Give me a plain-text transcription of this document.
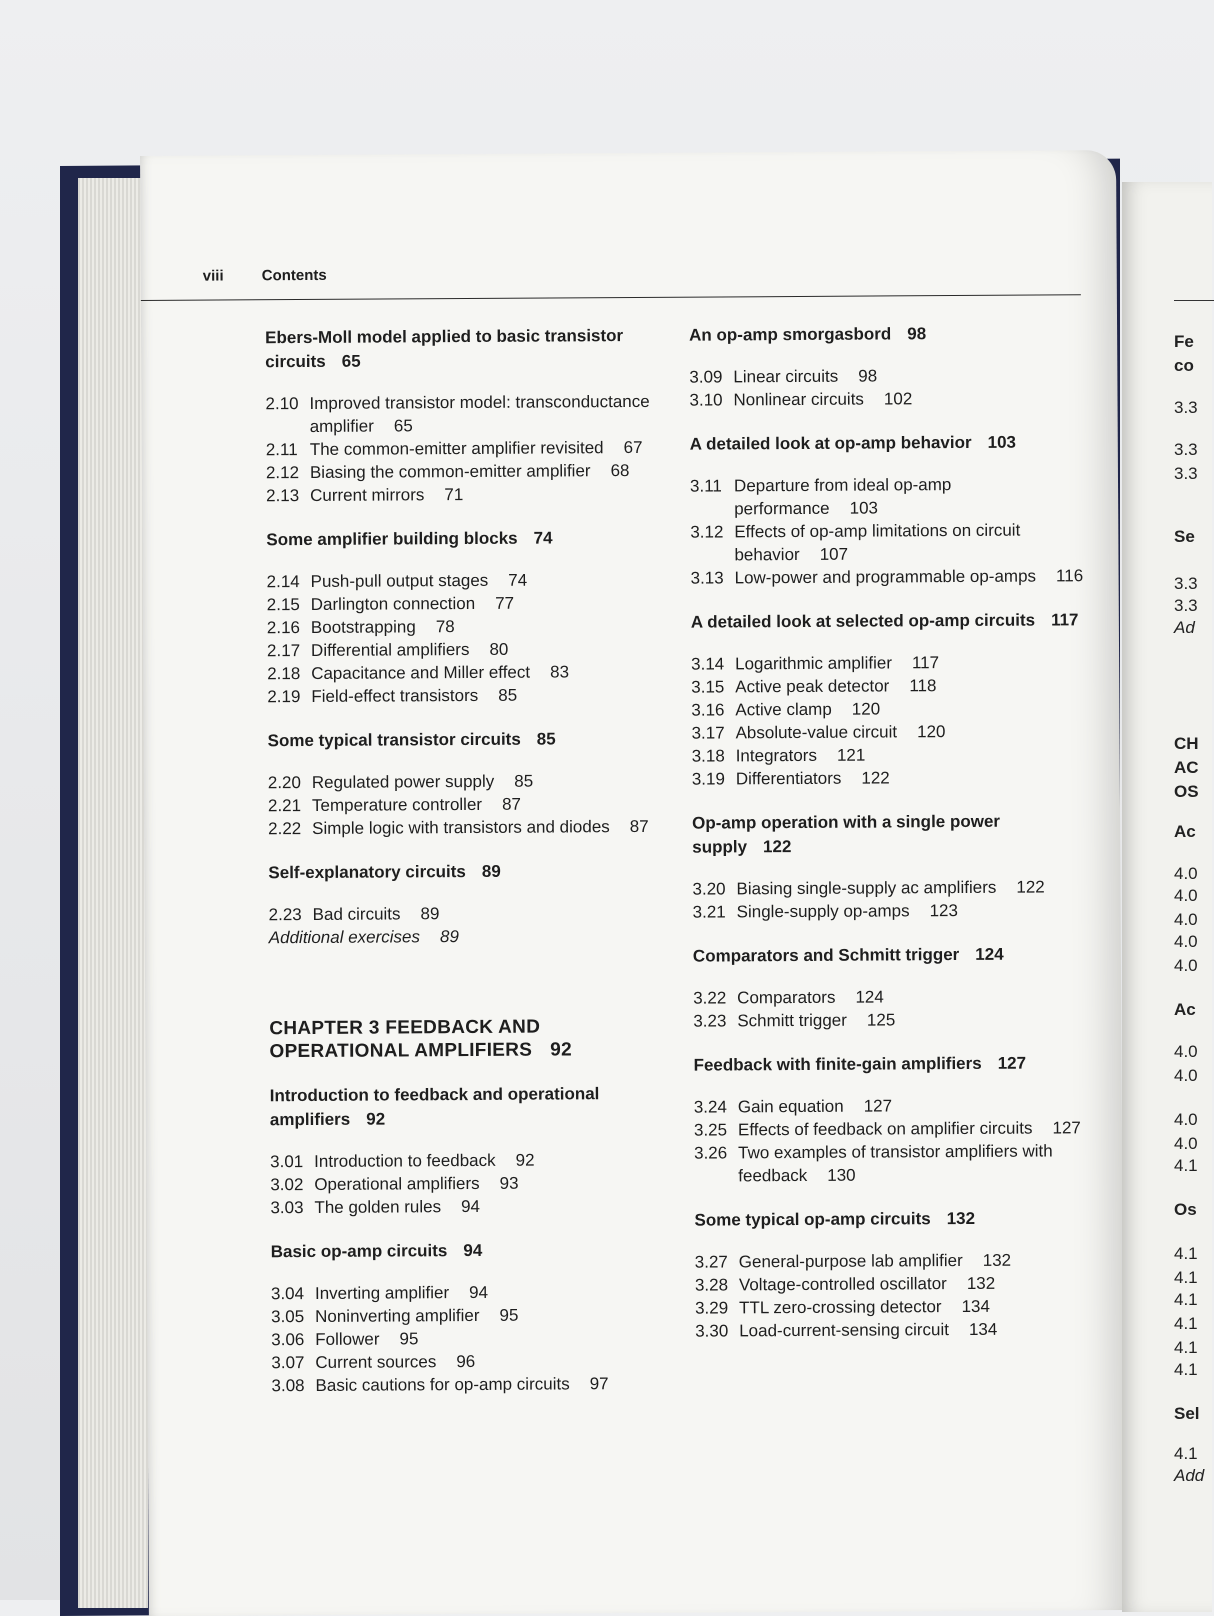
viii	Contents
Ebers-Moll model applied to basic transistor circuits 65
2.10 Improved transistor model: transconductance amplifier 65
2.11 The common-emitter amplifier revisited 67
2.12 Biasing the common-emitter amplifier 68
2.13 Current mirrors 71
Some amplifier building blocks 74
2.14 Push-pull output stages 74
2.15 Darlington connection 77
2.16 Bootstrapping 78
2.17 Differential amplifiers 80
2.18 Capacitance and Miller effect 83
2.19 Field-effect transistors 85
Some typical transistor circuits 85
2.20 Regulated power supply 85
2.21 Temperature controller 87
2.22 Simple logic with transistors and diodes 87
Self-explanatory circuits 89
2.23 Bad circuits 89
Additional exercises 89
CHAPTER 3 FEEDBACK AND OPERATIONAL AMPLIFIERS 92
Introduction to feedback and operational amplifiers 92
3.01 Introduction to feedback 92
3.02 Operational amplifiers 93
3.03 The golden rules 94
Basic op-amp circuits 94
3.04 Inverting amplifier 94
3.05 Noninverting amplifier 95
3.06 Follower 95
3.07 Current sources 96
3.08 Basic cautions for op-amp circuits 97
An op-amp smorgasbord 98
3.09 Linear circuits 98
3.10 Nonlinear circuits 102
A detailed look at op-amp behavior 103
3.11 Departure from ideal op-amp performance 103
3.12 Effects of op-amp limitations on circuit behavior 107
3.13 Low-power and programmable op-amps 116
A detailed look at selected op-amp circuits 117
3.14 Logarithmic amplifier 117
3.15 Active peak detector 118
3.16 Active clamp 120
3.17 Absolute-value circuit 120
3.18 Integrators 121
3.19 Differentiators 122
Op-amp operation with a single power supply 122
3.20 Biasing single-supply ac amplifiers 122
3.21 Single-supply op-amps 123
Comparators and Schmitt trigger 124
3.22 Comparators 124
3.23 Schmitt trigger 125
Feedback with finite-gain amplifiers 127
3.24 Gain equation 127
3.25 Effects of feedback on amplifier circuits 127
3.26 Two examples of transistor amplifiers with feedback 130
Some typical op-amp circuits 132
3.27 General-purpose lab amplifier 132
3.28 Voltage-controlled oscillator 132
3.29 TTL zero-crossing detector 134
3.30 Load-current-sensing circuit 134
Fe
co
3.3
3.3
3.3
Se
3.3
3.3
Ad
CH
AC
OS
Ac
4.0
4.0
4.0
4.0
4.0
Ac
4.0
4.0
4.0
4.0
4.1
Os
4.1
4.1
4.1
4.1
4.1
4.1
Sel
4.1
Add
